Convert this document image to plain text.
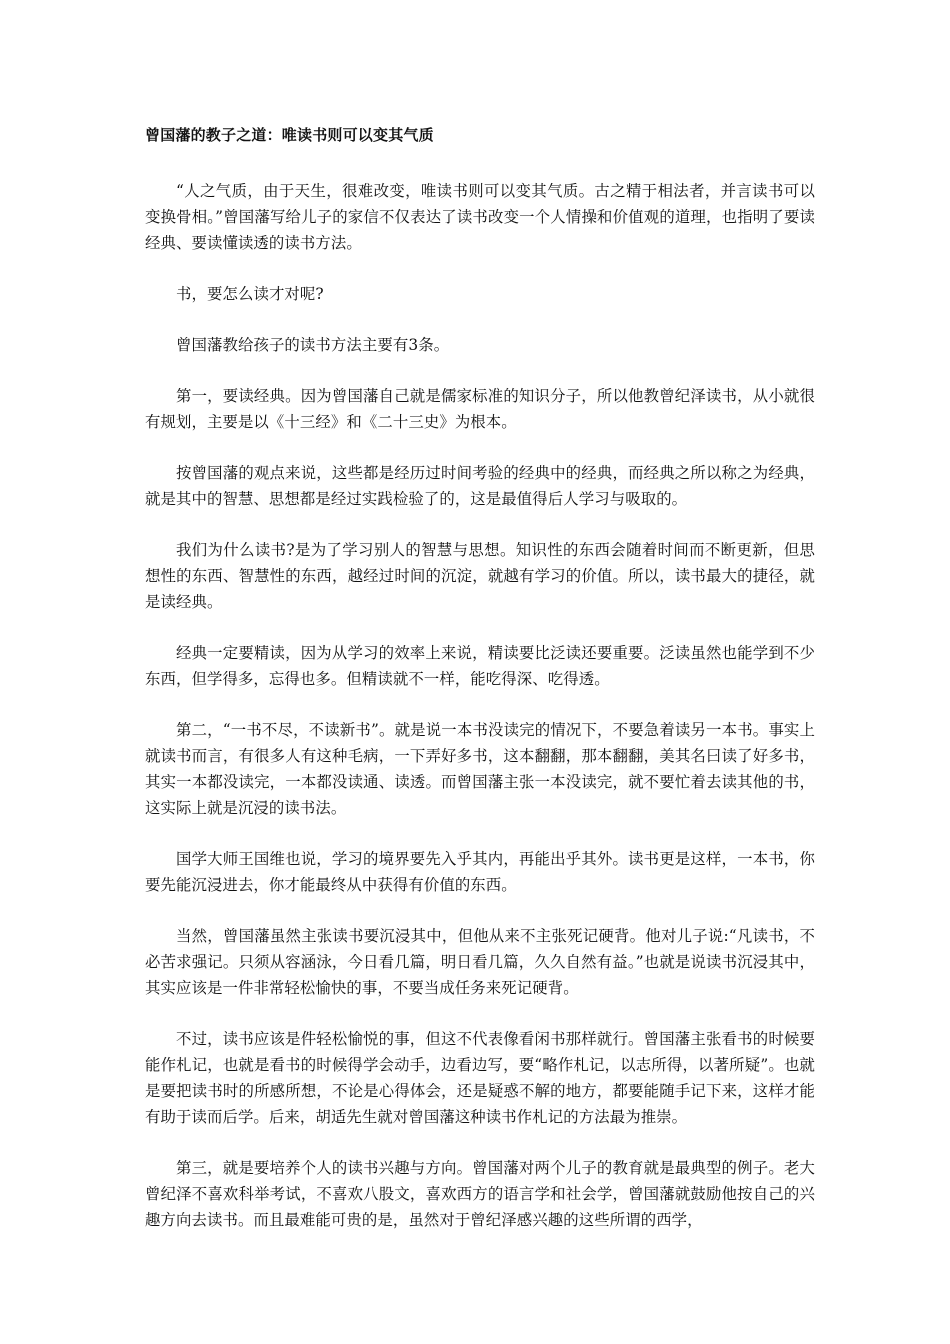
曾国藩的教子之道：唯读书则可以变其气质

“人之气质，由于天生，很难改变，唯读书则可以变其气质。古之精于相法者，并言读书可以变换骨相。”曾国藩写给儿子的家信不仅表达了读书改变一个人情操和价值观的道理，也指明了要读经典、要读懂读透的读书方法。

书，要怎么读才对呢?

曾国藩教给孩子的读书方法主要有3条。

第一，要读经典。因为曾国藩自己就是儒家标准的知识分子，所以他教曾纪泽读书，从小就很有规划，主要是以《十三经》和《二十三史》为根本。

按曾国藩的观点来说，这些都是经历过时间考验的经典中的经典，而经典之所以称之为经典，就是其中的智慧、思想都是经过实践检验了的，这是最值得后人学习与吸取的。

我们为什么读书?是为了学习别人的智慧与思想。知识性的东西会随着时间而不断更新，但思想性的东西、智慧性的东西，越经过时间的沉淀，就越有学习的价值。所以，读书最大的捷径，就是读经典。

经典一定要精读，因为从学习的效率上来说，精读要比泛读还要重要。泛读虽然也能学到不少东西，但学得多，忘得也多。但精读就不一样，能吃得深、吃得透。

第二，“一书不尽，不读新书”。就是说一本书没读完的情况下，不要急着读另一本书。事实上就读书而言，有很多人有这种毛病，一下弄好多书，这本翻翻，那本翻翻，美其名曰读了好多书，其实一本都没读完，一本都没读通、读透。而曾国藩主张一本没读完，就不要忙着去读其他的书，这实际上就是沉浸的读书法。

国学大师王国维也说，学习的境界要先入乎其内，再能出乎其外。读书更是这样，一本书，你要先能沉浸进去，你才能最终从中获得有价值的东西。

当然，曾国藩虽然主张读书要沉浸其中，但他从来不主张死记硬背。他对儿子说:“凡读书，不必苦求强记。只须从容涵泳，今日看几篇，明日看几篇，久久自然有益。”也就是说读书沉浸其中，其实应该是一件非常轻松愉快的事，不要当成任务来死记硬背。

不过，读书应该是件轻松愉悦的事，但这不代表像看闲书那样就行。曾国藩主张看书的时候要能作札记，也就是看书的时候得学会动手，边看边写，要“略作札记，以志所得，以著所疑”。也就是要把读书时的所感所想，不论是心得体会，还是疑惑不解的地方，都要能随手记下来，这样才能有助于读而后学。后来，胡适先生就对曾国藩这种读书作札记的方法最为推崇。

第三，就是要培养个人的读书兴趣与方向。曾国藩对两个儿子的教育就是最典型的例子。老大曾纪泽不喜欢科举考试，不喜欢八股文，喜欢西方的语言学和社会学，曾国藩就鼓励他按自己的兴趣方向去读书。而且最难能可贵的是，虽然对于曾纪泽感兴趣的这些所谓的西学，
